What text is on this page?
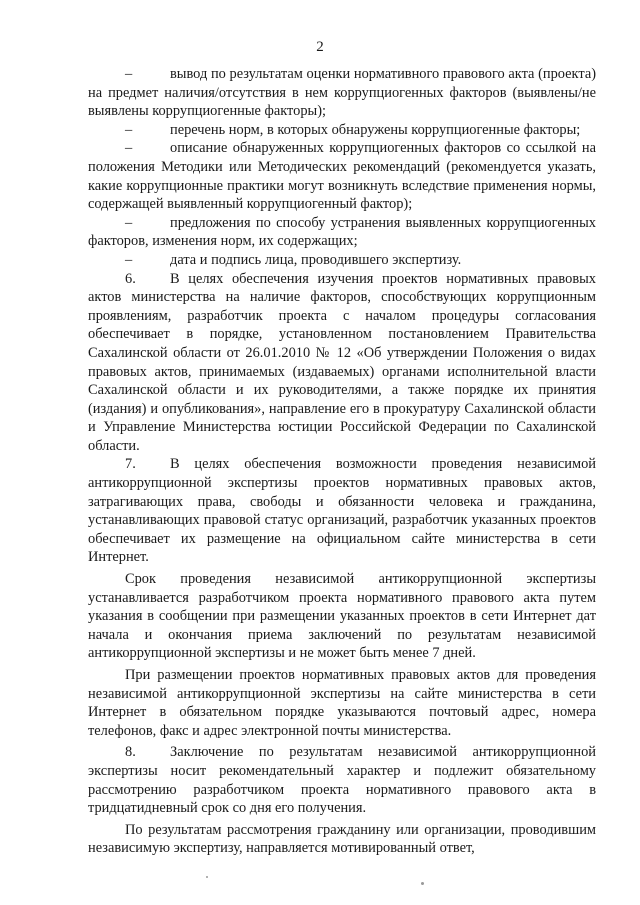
2

–	вывод по результатам оценки нормативного правового акта (проекта) на предмет наличия/отсутствия в нем коррупциогенных факторов (выявлены/не выявлены коррупциогенные факторы);

–	перечень норм, в которых обнаружены коррупциогенные факторы;

–	описание обнаруженных коррупциогенных факторов со ссылкой на положения Методики или Методических рекомендаций (рекомендуется указать, какие коррупционные практики могут возникнуть вследствие применения нормы, содержащей выявленный коррупциогенный фактор);

–	предложения по способу устранения выявленных коррупциогенных факторов, изменения норм, их содержащих;

–	дата и подпись лица, проводившего экспертизу.

6. В целях обеспечения изучения проектов нормативных правовых актов министерства на наличие факторов, способствующих коррупционным проявлениям, разработчик проекта с началом процедуры согласования обеспечивает в порядке, установленном постановлением Правительства Сахалинской области от 26.01.2010 № 12 «Об утверждении Положения о видах правовых актов, принимаемых (издаваемых) органами исполнительной власти Сахалинской области и их руководителями, а также порядке их принятия (издания) и опубликования», направление его в прокуратуру Сахалинской области и Управление Министерства юстиции Российской Федерации по Сахалинской области.

7. В целях обеспечения возможности проведения независимой антикоррупционной экспертизы проектов нормативных правовых актов, затрагивающих права, свободы и обязанности человека и гражданина, устанавливающих правовой статус организаций, разработчик указанных проектов обеспечивает их размещение на официальном сайте министерства в сети Интернет.

Срок проведения независимой антикоррупционной экспертизы устанавливается разработчиком проекта нормативного правового акта путем указания в сообщении при размещении указанных проектов в сети Интернет дат начала и окончания приема заключений по результатам независимой антикоррупционной экспертизы и не может быть менее 7 дней.

При размещении проектов нормативных правовых актов для проведения независимой антикоррупционной экспертизы на сайте министерства в сети Интернет в обязательном порядке указываются почтовый адрес, номера телефонов, факс и адрес электронной почты министерства.

8. Заключение по результатам независимой антикоррупционной экспертизы носит рекомендательный характер и подлежит обязательному рассмотрению разработчиком проекта нормативного правового акта в тридцатидневный срок со дня его получения.

По результатам рассмотрения гражданину или организации, проводившим независимую экспертизу, направляется мотивированный ответ,
